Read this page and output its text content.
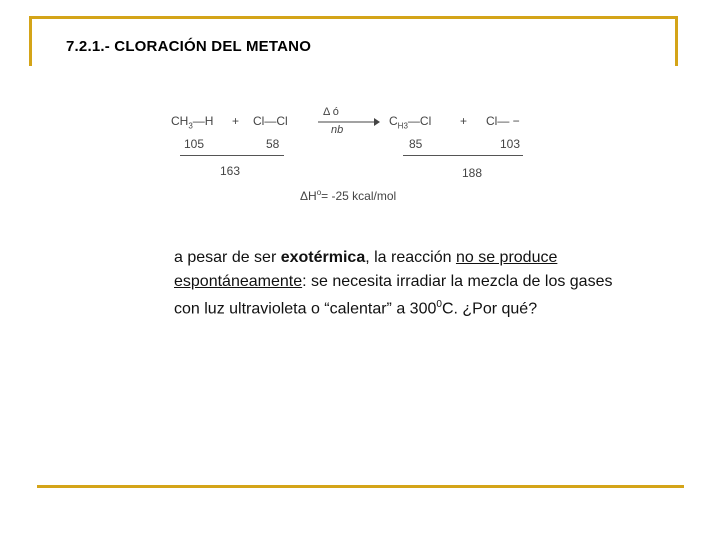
7.2.1.- CLORACIÓN DEL METANO
$CH_3—H$ + Cl—Cl
Δ ó
nb
$C_{H3}—Cl$ + Cl— −
105	58	85	103
163	188
$\Delta H^o= -25$ kcal/mol

a pesar de ser exotérmica, la reacción no se produce espontáneamente: se necesita irradiar la mezcla de los gases con luz ultravioleta o “calentar” a $300^0C$. ¿Por qué?
